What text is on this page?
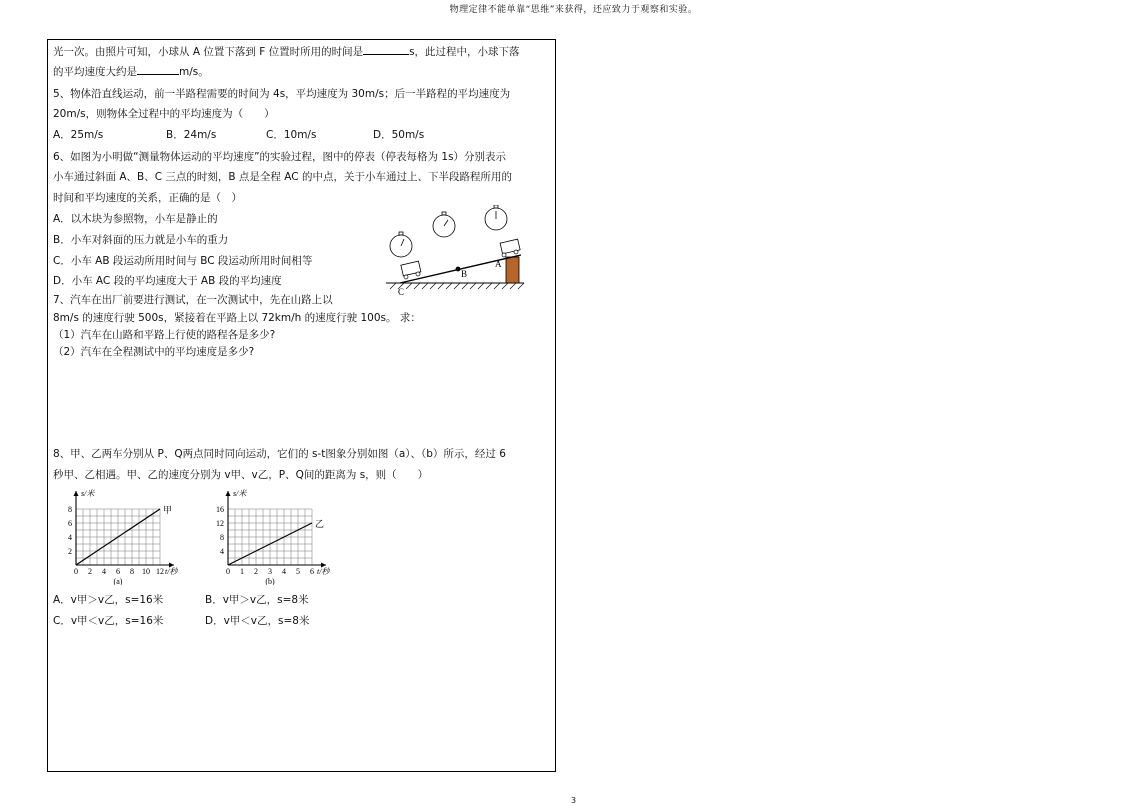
物理定律不能单靠“思维”来获得，还应致力于观察和实验。
光一次。由照片可知，小球从 A 位置下落到 F 位置时所用的时间是	s，此过程中，小球下落
的平均速度大约是	m/s。
5、物体沿直线运动，前一半路程需要的时间为 4s，平均速度为 30m/s；后一半路程的平均速度为
20m/s，则物体全过程中的平均速度为（　　）
A．25m/s	B．24m/s	C．10m/s	D．50m/s
6、如图为小明做“测量物体运动的平均速度”的实验过程，图中的停表（停表每格为 1s）分别表示
小车通过斜面 A、B、C 三点的时刻，B 点是全程 AC 的中点，关于小车通过上、下半段路程所用的
时间和平均速度的关系，正确的是（　）
A．以木块为参照物，小车是静止的
B．小车对斜面的压力就是小车的重力
C．小车 AB 段运动所用时间与 BC 段运动所用时间相等
D．小车 AC 段的平均速度大于 AB 段的平均速度
C
B
A
7、汽车在出厂前要进行测试，在一次测试中，先在山路上以
8m/s 的速度行驶 500s，紧接着在平路上以 72km/h 的速度行驶 100s。 求：
（1）汽车在山路和平路上行使的路程各是多少?
（2）汽车在全程测试中的平均速度是多少?
8、甲、乙两车分别从 P、Q两点同时同向运动，它们的 s-t图象分别如图（a）、（b）所示，经过 6
秒甲、乙相遇。甲、乙的速度分别为 v甲、v乙，P、Q间的距离为 s，则（　　）
s/米
t/秒
0 2 4 6 8 10 12
2
4
6
8	甲
(a)
s/米
t/秒
0 1 2 3 4 5 6
4
8
12
16
乙
(b)
A．v甲＞v乙，s=16米	B．v甲＞v乙，s=8米
C．v甲＜v乙，s=16米	D．v甲＜v乙，s=8米
3
